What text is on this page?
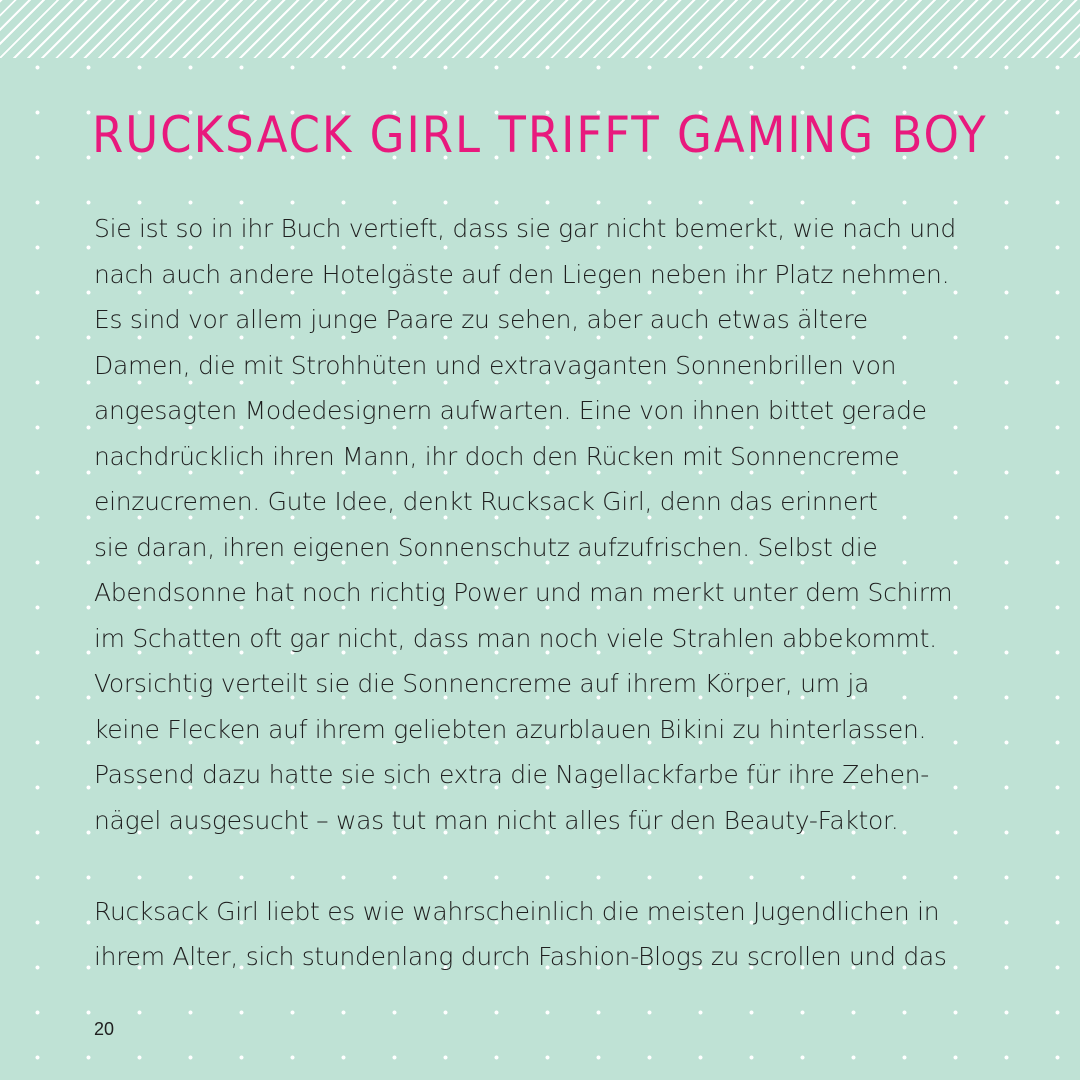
RUCKSACK GIRL TRIFFT GAMING BOY
Sie ist so in ihr Buch vertieft, dass sie gar nicht bemerkt, wie nach und
nach auch andere Hotelgäste auf den Liegen neben ihr Platz nehmen.
Es sind vor allem junge Paare zu sehen, aber auch etwas ältere
Damen, die mit Strohhüten und extravaganten Sonnenbrillen von
angesagten Modedesignern aufwarten. Eine von ihnen bittet gerade
nachdrücklich ihren Mann, ihr doch den Rücken mit Sonnencreme
einzucremen. Gute Idee, denkt Rucksack Girl, denn das erinnert
sie daran, ihren eigenen Sonnenschutz aufzufrischen. Selbst die
Abendsonne hat noch richtig Power und man merkt unter dem Schirm
im Schatten oft gar nicht, dass man noch viele Strahlen abbekommt.
Vorsichtig verteilt sie die Sonnencreme auf ihrem Körper, um ja
keine Flecken auf ihrem geliebten azurblauen Bikini zu hinterlassen.
Passend dazu hatte sie sich extra die Nagellackfarbe für ihre Zehen-
nägel ausgesucht – was tut man nicht alles für den Beauty-Faktor.
Rucksack Girl liebt es wie wahrscheinlich die meisten Jugendlichen in
ihrem Alter, sich stundenlang durch Fashion-Blogs zu scrollen und das
20
